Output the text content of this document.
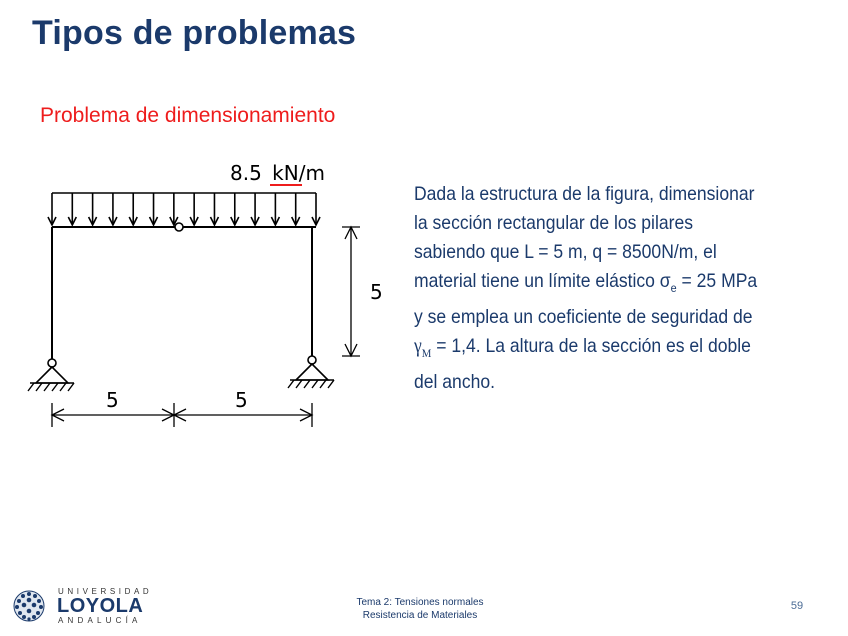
Tipos de problemas
Problema de dimensionamiento
8.5 kN/m
5
5	5
Dada la estructura de la figura, dimensionar
la sección rectangular de los pilares
sabiendo que L = 5 m, q = 8500N/m, el
material tiene un límite elástico $\sigma_e = 25$ MPa
y se emplea un coeficiente de seguridad de
$\gamma_M = 1,4$. La altura de la sección es el doble
del ancho.
UNIVERSIDAD
LOYOLA
ANDALUCÍA
Tema 2: Tensiones normales
Resistencia de Materiales
59
